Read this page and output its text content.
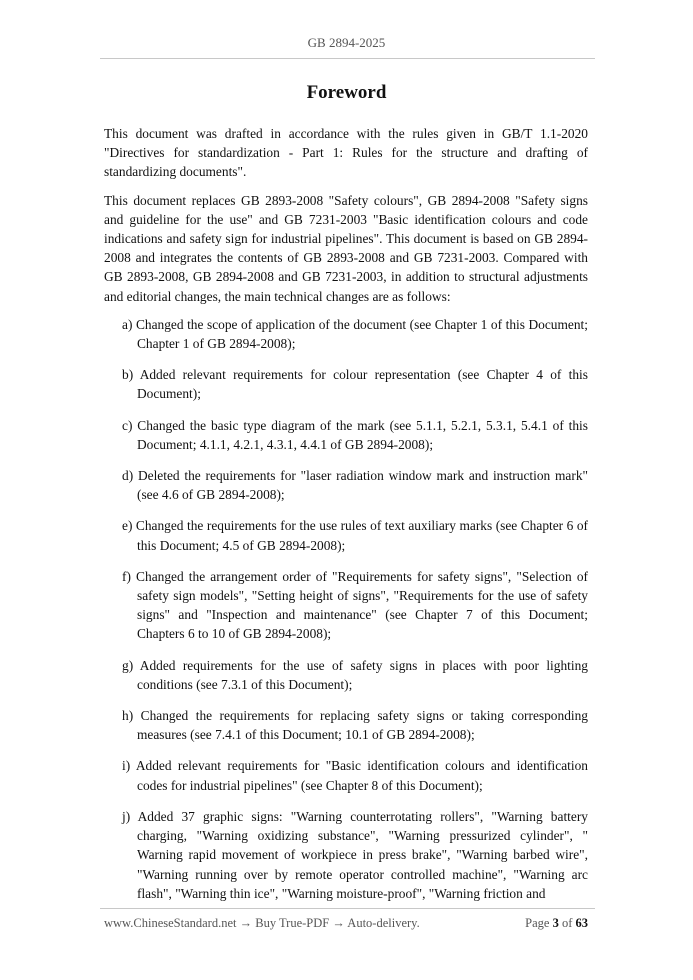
GB 2894-2025
Foreword

This document was drafted in accordance with the rules given in GB/T 1.1-2020 "Directives for standardization - Part 1: Rules for the structure and drafting of standardizing documents".

This document replaces GB 2893-2008 "Safety colours", GB 2894-2008 "Safety signs and guideline for the use" and GB 7231-2003 "Basic identification colours and code indications and safety sign for industrial pipelines". This document is based on GB 2894-2008 and integrates the contents of GB 2893-2008 and GB 7231-2003. Compared with GB 2893-2008, GB 2894-2008 and GB 7231-2003, in addition to structural adjustments and editorial changes, the main technical changes are as follows:

a) Changed the scope of application of the document (see Chapter 1 of this Document; Chapter 1 of GB 2894-2008);
b) Added relevant requirements for colour representation (see Chapter 4 of this Document);
c) Changed the basic type diagram of the mark (see 5.1.1, 5.2.1, 5.3.1, 5.4.1 of this Document; 4.1.1, 4.2.1, 4.3.1, 4.4.1 of GB 2894-2008);
d) Deleted the requirements for "laser radiation window mark and instruction mark" (see 4.6 of GB 2894-2008);
e) Changed the requirements for the use rules of text auxiliary marks (see Chapter 6 of this Document; 4.5 of GB 2894-2008);
f) Changed the arrangement order of "Requirements for safety signs", "Selection of safety sign models", "Setting height of signs", "Requirements for the use of safety signs" and "Inspection and maintenance" (see Chapter 7 of this Document; Chapters 6 to 10 of GB 2894-2008);
g) Added requirements for the use of safety signs in places with poor lighting conditions (see 7.3.1 of this Document);
h) Changed the requirements for replacing safety signs or taking corresponding measures (see 7.4.1 of this Document; 10.1 of GB 2894-2008);
i) Added relevant requirements for "Basic identification colours and identification codes for industrial pipelines" (see Chapter 8 of this Document);
j) Added 37 graphic signs: "Warning counterrotating rollers", "Warning battery charging, "Warning oxidizing substance", "Warning pressurized cylinder", " Warning rapid movement of workpiece in press brake", "Warning barbed wire", "Warning running over by remote operator controlled machine", "Warning arc flash", "Warning thin ice", "Warning moisture-proof", "Warning friction and
www.ChineseStandard.net → Buy True-PDF → Auto-delivery.	Page 3 of 63
